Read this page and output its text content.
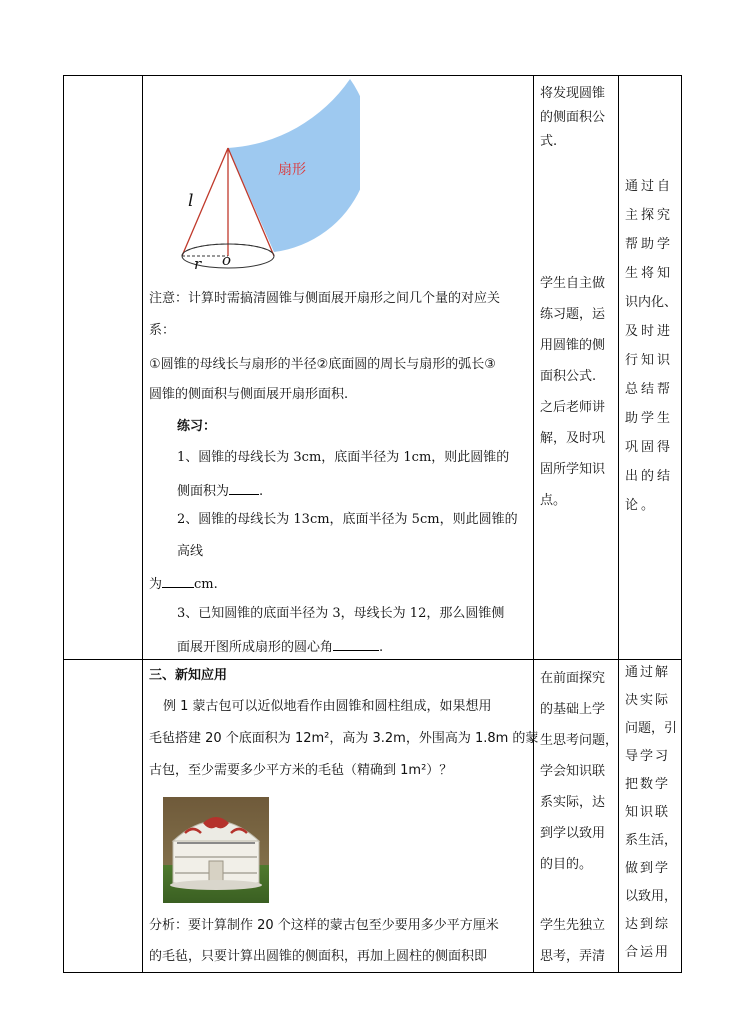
扇形
l
r o
注意：计算时需搞清圆锥与侧面展开扇形之间几个量的对应关
系：
①圆锥的母线长与扇形的半径②底面圆的周长与扇形的弧长③
圆锥的侧面积与侧面展开扇形面积.
练习：
1、圆锥的母线长为 3cm，底面半径为 1cm，则此圆锥的
侧面积为 .
2、圆锥的母线长为 13cm，底面半径为 5cm，则此圆锥的
高线
为 cm.
3、已知圆锥的底面半径为 3，母线长为 12，那么圆锥侧
面展开图所成扇形的圆心角	.
将发现圆锥
的侧面积公
式.
学生自主做
练习题，运
用圆锥的侧
面积公式.
之后老师讲
解，及时巩
固所学知识
点。
通过自
主探究
帮助学
生将知
识内化、
及时进
行知识
总结帮
助学生
巩固得
出的结
论。
三、新知应用
例 1 蒙古包可以近似地看作由圆锥和圆柱组成，如果想用
毛毡搭建 20 个底面积为 12m²，高为 3.2m，外围高为 1.8m 的蒙
古包，至少需要多少平方米的毛毡（精确到 1m²）？
分析：要计算制作 20 个这样的蒙古包至少要用多少平方厘米
的毛毡，只要计算出圆锥的侧面积，再加上圆柱的侧面积即
在前面探究
的基础上学
生思考问题，
学会知识联
系实际，达
到学以致用
的目的。
学生先独立
思考，弄清
通过解
决实际
问题，引
导学习
把数学
知识联
系生活，
做到学
以致用，
达到综
合运用
